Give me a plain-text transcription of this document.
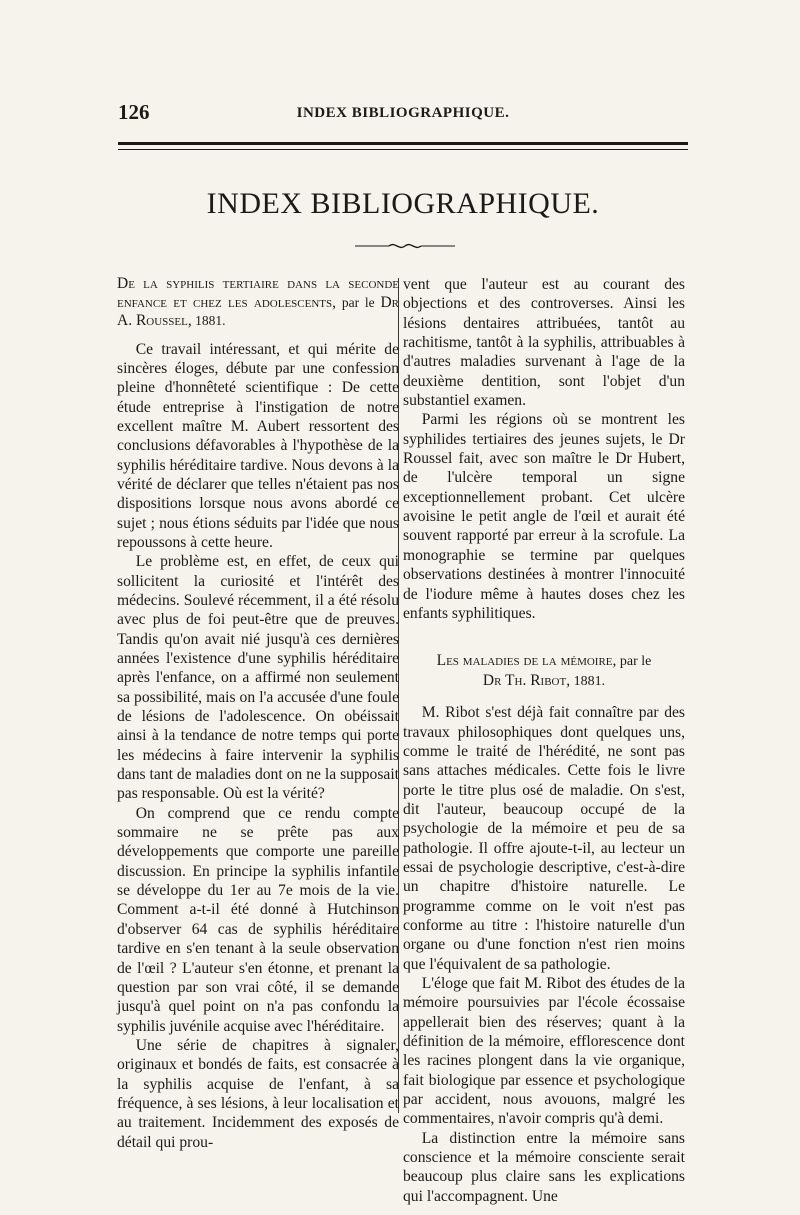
126	INDEX BIBLIOGRAPHIQUE.
INDEX BIBLIOGRAPHIQUE.

De la syphilis tertiaire dans la seconde enfance et chez les adolescents, par le Dr A. Roussel, 1881.

Ce travail intéressant, et qui mérite de sincères éloges, débute par une confession pleine d'honnêteté scientifique : De cette étude entreprise à l'instigation de notre excellent maître M. Aubert ressortent des conclusions défavorables à l'hypothèse de la syphilis héréditaire tardive. Nous devons à la vérité de déclarer que telles n'étaient pas nos dispositions lorsque nous avons abordé ce sujet ; nous étions séduits par l'idée que nous repoussons à cette heure.

Le problème est, en effet, de ceux qui sollicitent la curiosité et l'intérêt des médecins. Soulevé récemment, il a été résolu avec plus de foi peut-être que de preuves. Tandis qu'on avait nié jusqu'à ces dernières années l'existence d'une syphilis héréditaire après l'enfance, on a affirmé non seulement sa possibilité, mais on l'a accusée d'une foule de lésions de l'adolescence. On obéissait ainsi à la tendance de notre temps qui porte les médecins à faire intervenir la syphilis dans tant de maladies dont on ne la supposait pas responsable. Où est la vérité?

On comprend que ce rendu compte sommaire ne se prête pas aux développements que comporte une pareille discussion. En principe la syphilis infantile se développe du 1er au 7e mois de la vie. Comment a-t-il été donné à Hutchinson d'observer 64 cas de syphilis héréditaire tardive en s'en tenant à la seule observation de l'œil ? L'auteur s'en étonne, et prenant la question par son vrai côté, il se demande jusqu'à quel point on n'a pas confondu la syphilis juvénile acquise avec l'héréditaire.

Une série de chapitres à signaler, originaux et bondés de faits, est consacrée à la syphilis acquise de l'enfant, à sa fréquence, à ses lésions, à leur localisation et au traitement. Incidemment des exposés de détail qui prou-

vent que l'auteur est au courant des objections et des controverses. Ainsi les lésions dentaires attribuées, tantôt au rachitisme, tantôt à la syphilis, attribuables à d'autres maladies survenant à l'age de la deuxième dentition, sont l'objet d'un substantiel examen.

Parmi les régions où se montrent les syphilides tertiaires des jeunes sujets, le Dr Roussel fait, avec son maître le Dr Hubert, de l'ulcère temporal un signe exceptionnellement probant. Cet ulcère avoisine le petit angle de l'œil et aurait été souvent rapporté par erreur à la scrofule. La monographie se termine par quelques observations destinées à montrer l'innocuité de l'iodure même à hautes doses chez les enfants syphilitiques.

Les maladies de la mémoire, par le
Dr Th. Ribot, 1881.

M. Ribot s'est déjà fait connaître par des travaux philosophiques dont quelques uns, comme le traité de l'hérédité, ne sont pas sans attaches médicales. Cette fois le livre porte le titre plus osé de maladie. On s'est, dit l'auteur, beaucoup occupé de la psychologie de la mémoire et peu de sa pathologie. Il offre ajoute-t-il, au lecteur un essai de psychologie descriptive, c'est-à-dire un chapitre d'histoire naturelle. Le programme comme on le voit n'est pas conforme au titre : l'histoire naturelle d'un organe ou d'une fonction n'est rien moins que l'équivalent de sa pathologie.

L'éloge que fait M. Ribot des études de la mémoire poursuivies par l'école écossaise appellerait bien des réserves; quant à la définition de la mémoire, efflorescence dont les racines plongent dans la vie organique, fait biologique par essence et psychologique par accident, nous avouons, malgré les commentaires, n'avoir compris qu'à demi.

La distinction entre la mémoire sans conscience et la mémoire consciente serait beaucoup plus claire sans les explications qui l'accompagnent. Une
